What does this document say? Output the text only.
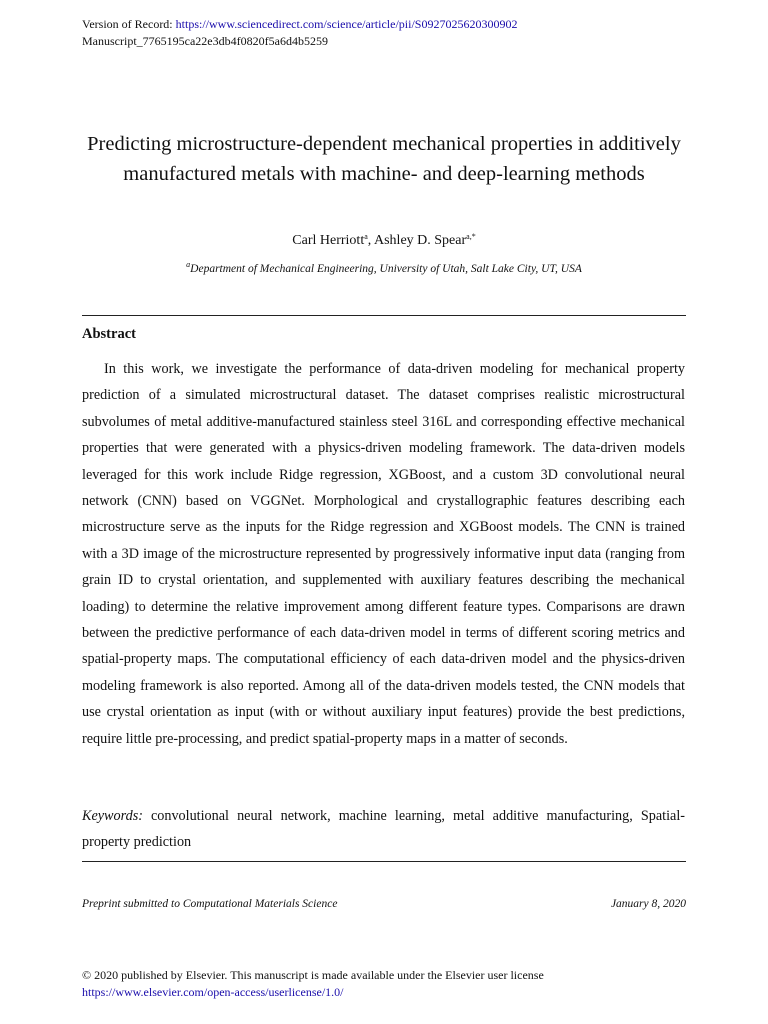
Version of Record: https://www.sciencedirect.com/science/article/pii/S0927025620300902
Manuscript_7765195ca22e3db4f0820f5a6d4b5259
Predicting microstructure-dependent mechanical properties in additively manufactured metals with machine- and deep-learning methods
Carl Herriott$^a$, Ashley D. Spear$^{a,*}$
$^a$Department of Mechanical Engineering, University of Utah, Salt Lake City, UT, USA
Abstract
In this work, we investigate the performance of data-driven modeling for mechanical property prediction of a simulated microstructural dataset. The dataset comprises realistic microstructural subvolumes of metal additive-manufactured stainless steel 316L and corresponding effective mechanical properties that were generated with a physics-driven modeling framework. The data-driven models leveraged for this work include Ridge regression, XGBoost, and a custom 3D convolutional neural network (CNN) based on VGGNet. Morphological and crystallographic features describing each microstructure serve as the inputs for the Ridge regression and XGBoost models. The CNN is trained with a 3D image of the microstructure represented by progressively informative input data (ranging from grain ID to crystal orientation, and supplemented with auxiliary features describing the mechanical loading) to determine the relative improvement among different feature types. Comparisons are drawn between the predictive performance of each data-driven model in terms of different scoring metrics and spatial-property maps. The computational efficiency of each data-driven model and the physics-driven modeling framework is also reported. Among all of the data-driven models tested, the CNN models that use crystal orientation as input (with or without auxiliary input features) provide the best predictions, require little pre-processing, and predict spatial-property maps in a matter of seconds.
Keywords: convolutional neural network, machine learning, metal additive manufacturing, Spatial-property prediction
Preprint submitted to Computational Materials Science	January 8, 2020
© 2020 published by Elsevier. This manuscript is made available under the Elsevier user license
https://www.elsevier.com/open-access/userlicense/1.0/
